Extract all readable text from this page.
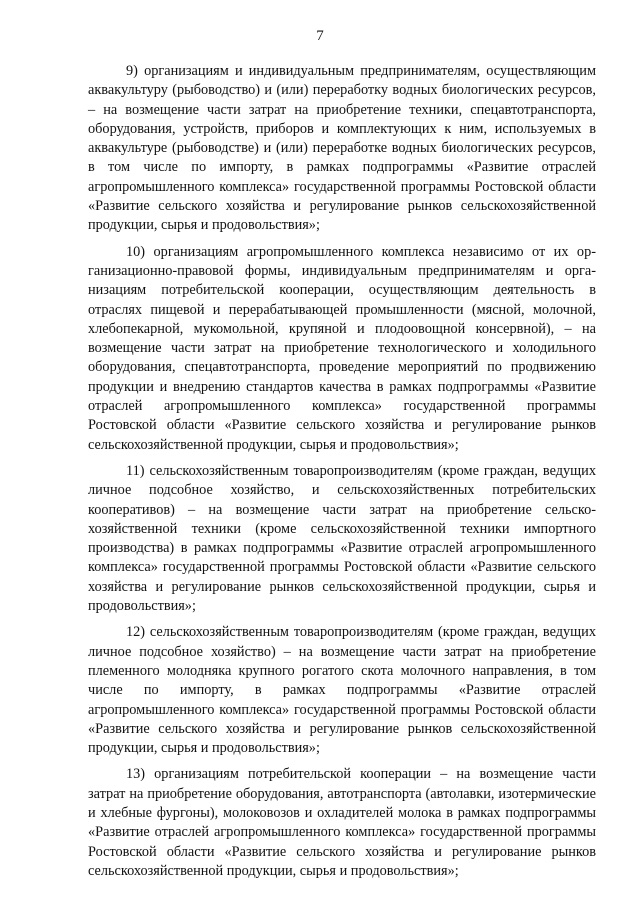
7

9) организациям и индивидуальным предпринимателям, осуществляющим аквакультуру (рыбоводство) и (или) переработку водных биологических ресурсов, – на возмещение части затрат на приобретение техники, спецавтотранспорта, оборудования, устройств, приборов и комплектующих к ним, используемых в аквакультуре (рыбоводстве) и (или) переработке водных биологических ресурсов, в том числе по импорту, в рамках подпрограммы «Развитие отраслей агропромышленного комплекса» государственной программы Ростовской области «Развитие сельского хозяйства и регулирование рынков сельскохозяйственной продукции, сырья и продовольствия»;

10) организациям агропромышленного комплекса независимо от их организационно-правовой формы, индивидуальным предпринимателям и организациям потребительской кооперации, осуществляющим деятельность в отраслях пищевой и перерабатывающей промышленности (мясной, молочной, хлебопекарной, мукомольной, крупяной и плодоовощной консервной), – на возмещение части затрат на приобретение технологического и холодильного оборудования, спецавтотранспорта, проведение мероприятий по продвижению продукции и внедрению стандартов качества в рамках подпрограммы «Развитие отраслей агропромышленного комплекса» государственной программы Ростовской области «Развитие сельского хозяйства и регулирование рынков сельскохозяйственной продукции, сырья и продовольствия»;

11) сельскохозяйственным товаропроизводителям (кроме граждан, ведущих личное подсобное хозяйство, и сельскохозяйственных потребительских кооперативов) – на возмещение части затрат на приобретение сельскохозяйственной техники (кроме сельскохозяйственной техники импортного производства) в рамках подпрограммы «Развитие отраслей агропромышленного комплекса» государственной программы Ростовской области «Развитие сельского хозяйства и регулирование рынков сельскохозяйственной продукции, сырья и продовольствия»;

12) сельскохозяйственным товаропроизводителям (кроме граждан, ведущих личное подсобное хозяйство) – на возмещение части затрат на приобретение племенного молодняка крупного рогатого скота молочного направления, в том числе по импорту, в рамках подпрограммы «Развитие отраслей агропромышленного комплекса» государственной программы Ростовской области «Развитие сельского хозяйства и регулирование рынков сельскохозяйственной продукции, сырья и продовольствия»;

13) организациям потребительской кооперации – на возмещение части затрат на приобретение оборудования, автотранспорта (автолавки, изотермические и хлебные фургоны), молоковозов и охладителей молока в рамках подпрограммы «Развитие отраслей агропромышленного комплекса» государственной программы Ростовской области «Развитие сельского хозяйства и регулирование рынков сельскохозяйственной продукции, сырья и продовольствия»;
